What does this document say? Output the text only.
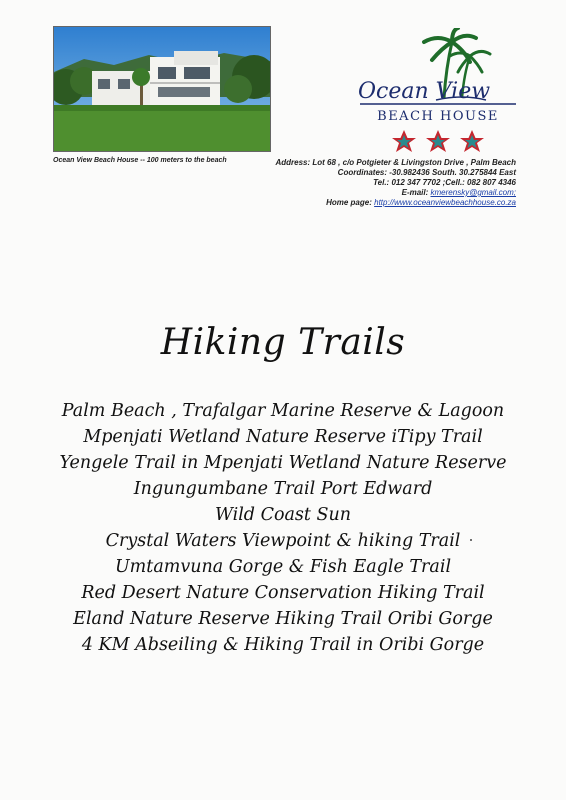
Ocean View Beach House -- 100 meters to the beach
Ocean View
BEACH HOUSE
Address: Lot 68 , c/o Potgieter & Livingston Drive , Palm Beach
Coordinates: -30.982436 South. 30.275844 East
Tel.: 012 347 7702 ;Cell.: 082 807 4346
E-mail: kmerensky@gmail.com;
Home page: http://www.oceanviewbeachhouse.co.za
Hiking Trails
Palm Beach , Trafalgar Marine Reserve & Lagoon
Mpenjati Wetland Nature Reserve iTipy Trail
Yengele Trail in Mpenjati Wetland Nature Reserve
Ingungumbane Trail Port Edward
Wild Coast Sun
Crystal Waters Viewpoint & hiking Trail
Umtamvuna Gorge & Fish Eagle Trail
Red Desert Nature Conservation Hiking Trail
Eland Nature Reserve Hiking Trail Oribi Gorge
4 KM Abseiling & Hiking Trail in Oribi Gorge
